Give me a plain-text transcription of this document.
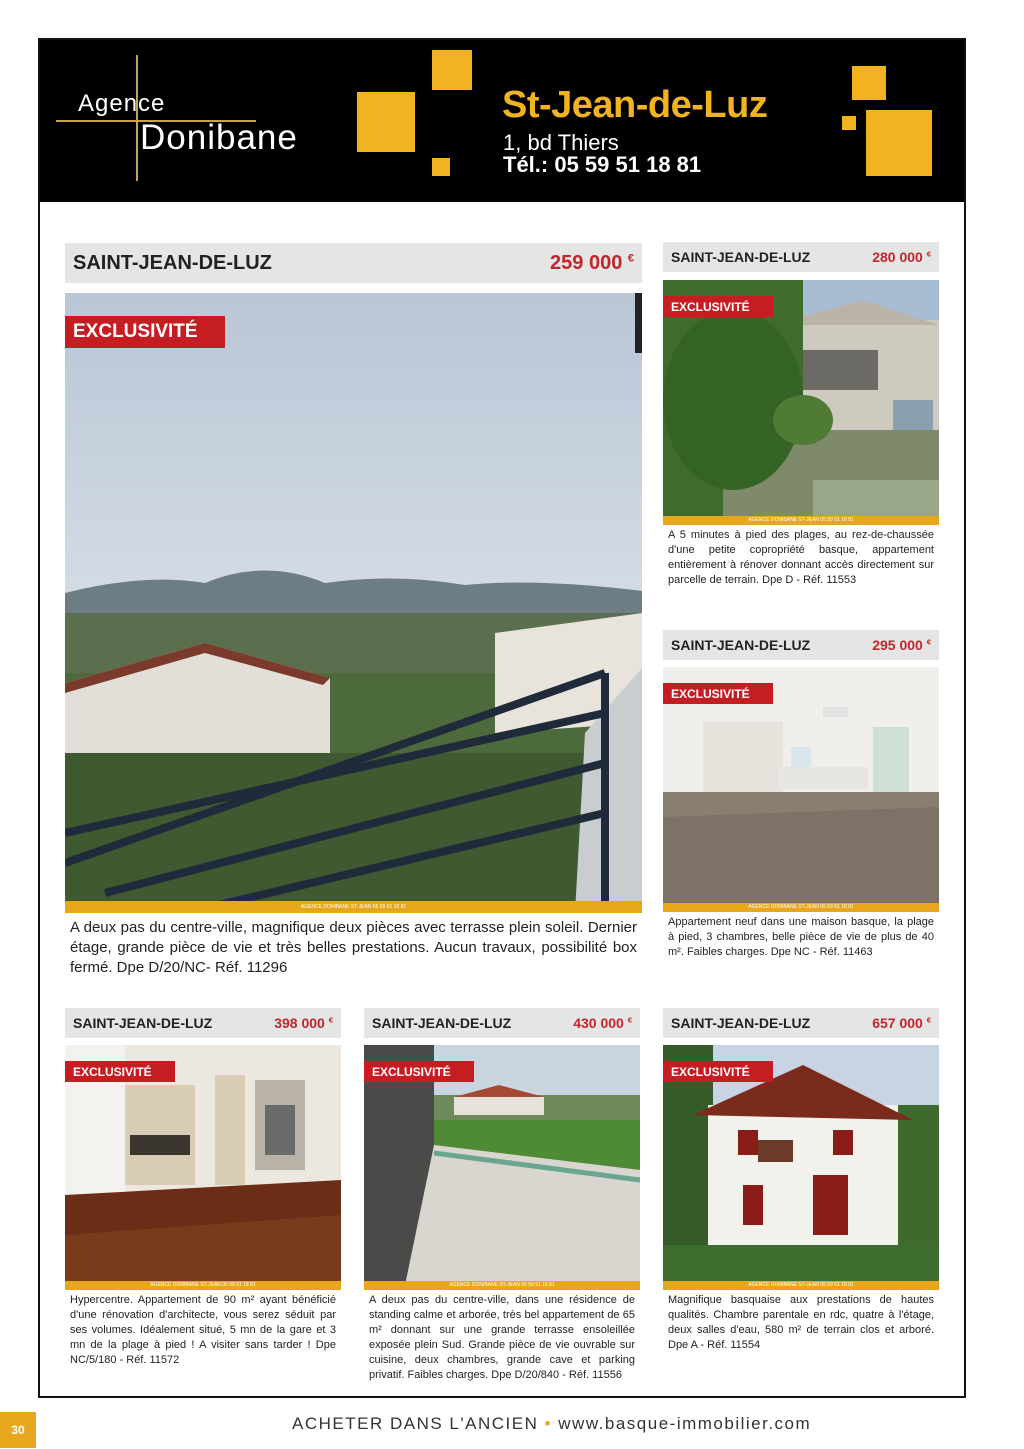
Agence
Donibane
St-Jean-de-Luz
1, bd Thiers
Tél.: 05 59 51 18 81
SAINT-JEAN-DE-LUZ	259 000 €
EXCLUSIVITÉ
AGENCE DONIBANE ST-JEAN 05 59 51 18 81
A deux pas du centre-ville, magnifique deux pièces avec terrasse plein soleil. Dernier étage, grande pièce de vie et très belles prestations. Aucun travaux, possibilité box fermé. Dpe D/20/NC- Réf. 11296
SAINT-JEAN-DE-LUZ	280 000 €
EXCLUSIVITÉ
AGENCE DONIBANE ST-JEAN 05 59 51 18 81
A 5 minutes à pied des plages, au rez-de-chaussée d'une petite copropriété basque, appartement entièrement à rénover donnant accès directement sur parcelle de terrain. Dpe D - Réf. 11553
SAINT-JEAN-DE-LUZ	295 000 €
EXCLUSIVITÉ
AGENCE DONIBANE ST-JEAN 05 59 51 18 81
Appartement neuf dans une maison basque, la plage à pied, 3 chambres, belle pièce de vie de plus de 40 m². Faibles charges. Dpe NC - Réf. 11463
SAINT-JEAN-DE-LUZ	398 000 €
EXCLUSIVITÉ
AGENCE DONIBANE ST-JEAN 05 59 51 18 81
Hypercentre. Appartement de 90 m² ayant bénéficié d'une rénovation d'architecte, vous serez séduit par ses volumes. Idéalement situé, 5 mn de la gare et 3 mn de la plage à pied ! A visiter sans tarder ! Dpe NC/5/180 - Réf. 11572
SAINT-JEAN-DE-LUZ	430 000 €
EXCLUSIVITÉ
AGENCE DONIBANE ST-JEAN 05 59 51 18 81
A deux pas du centre-ville, dans une résidence de standing calme et arborée, très bel appartement de 65 m² donnant sur une grande terrasse ensoleillée exposée plein Sud. Grande pièce de vie ouvrable sur cuisine, deux chambres, grande cave et parking privatif. Faibles charges. Dpe D/20/840 - Réf. 11556
SAINT-JEAN-DE-LUZ	657 000 €
EXCLUSIVITÉ
AGENCE DONIBANE ST-JEAN 05 59 51 18 81
Magnifique basquaise aux prestations de hautes qualités. Chambre parentale en rdc, quatre à l'étage, deux salles d'eau, 580 m² de terrain clos et arboré. Dpe A - Réf. 11554
30	ACHETER DANS L'ANCIEN • www.basque-immobilier.com
